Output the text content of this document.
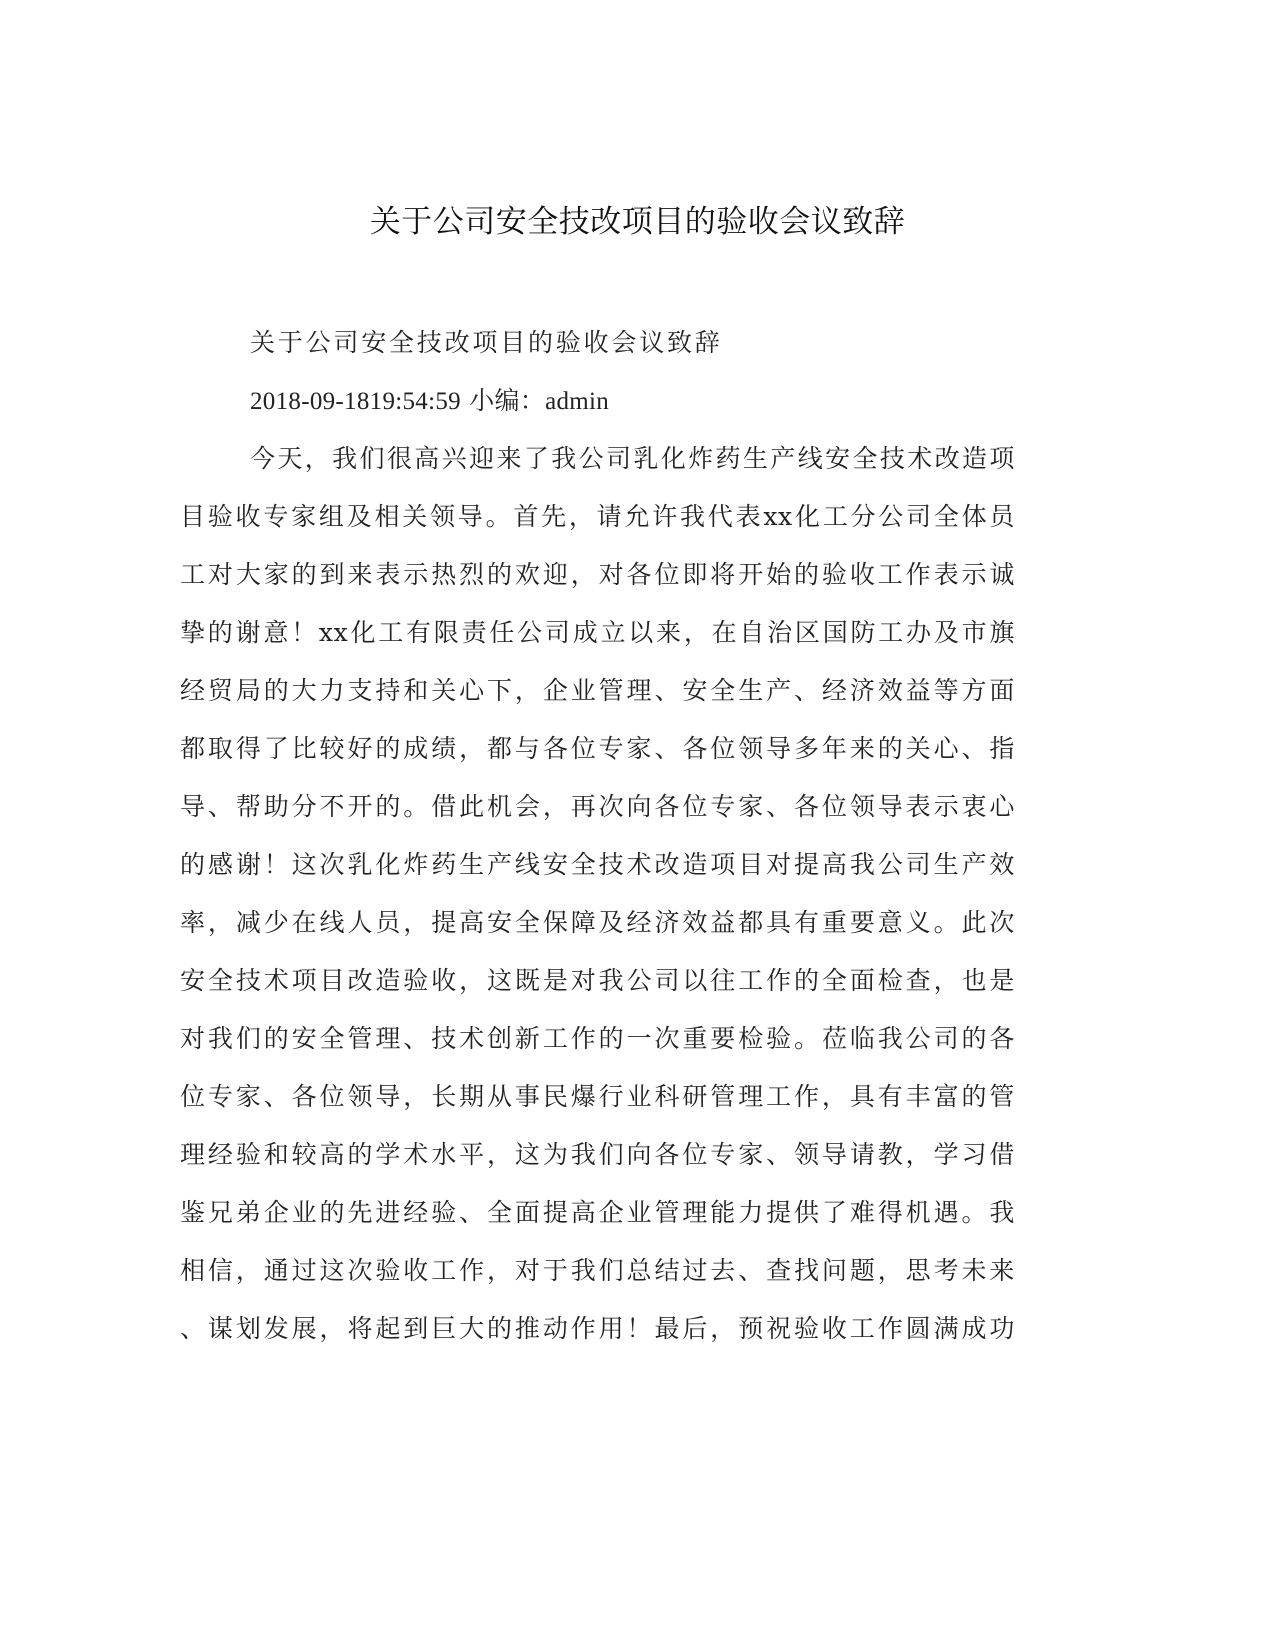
关于公司安全技改项目的验收会议致辞
关于公司安全技改项目的验收会议致辞
2018-09-1819:54:59 小编：admin
今天，我们很高兴迎来了我公司乳化炸药生产线安全技术改造项
目验收专家组及相关领导。首先，请允许我代表xx化工分公司全体员
工对大家的到来表示热烈的欢迎，对各位即将开始的验收工作表示诚
挚的谢意！xx化工有限责任公司成立以来，在自治区国防工办及市旗
经贸局的大力支持和关心下，企业管理、安全生产、经济效益等方面
都取得了比较好的成绩，都与各位专家、各位领导多年来的关心、指
导、帮助分不开的。借此机会，再次向各位专家、各位领导表示衷心
的感谢！这次乳化炸药生产线安全技术改造项目对提高我公司生产效
率，减少在线人员，提高安全保障及经济效益都具有重要意义。此次
安全技术项目改造验收，这既是对我公司以往工作的全面检查，也是
对我们的安全管理、技术创新工作的一次重要检验。莅临我公司的各
位专家、各位领导，长期从事民爆行业科研管理工作，具有丰富的管
理经验和较高的学术水平，这为我们向各位专家、领导请教，学习借
鉴兄弟企业的先进经验、全面提高企业管理能力提供了难得机遇。我
相信，通过这次验收工作，对于我们总结过去、查找问题，思考未来
、谋划发展，将起到巨大的推动作用！最后，预祝验收工作圆满成功
